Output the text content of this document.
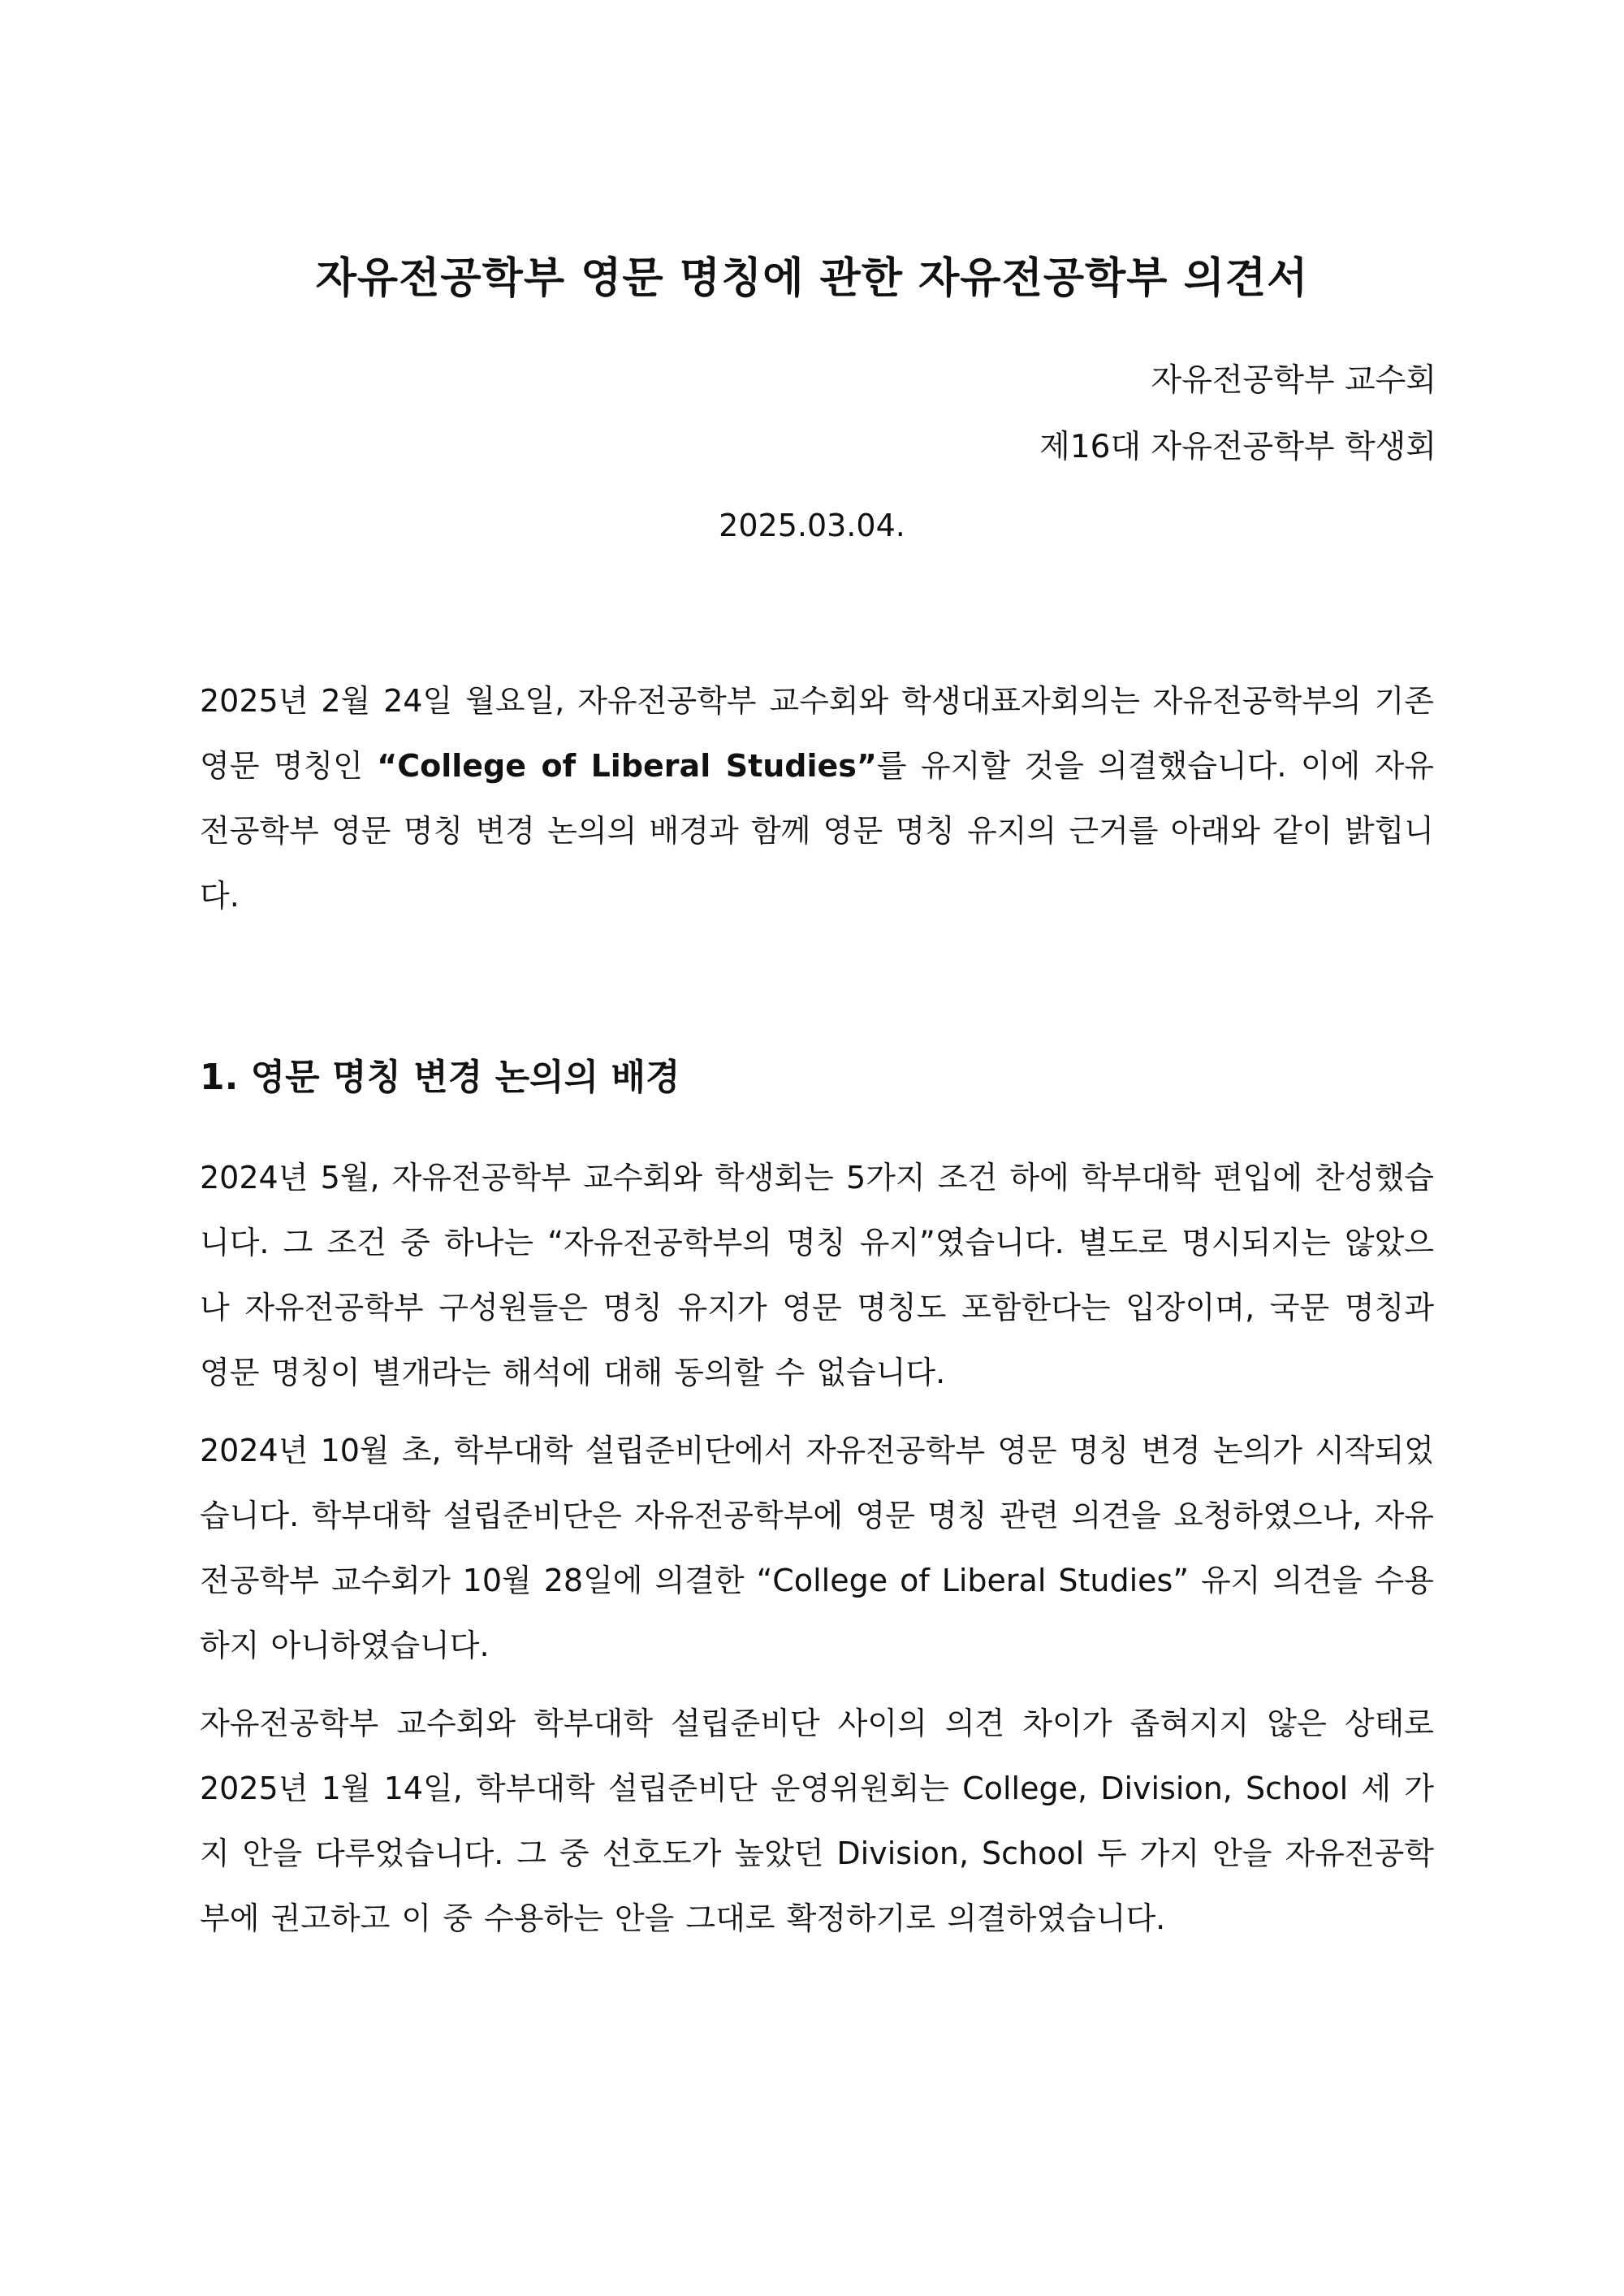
자유전공학부 영문 명칭에 관한 자유전공학부 의견서
자유전공학부 교수회
제16대 자유전공학부 학생회
2025.03.04.

2025년 2월 24일 월요일, 자유전공학부 교수회와 학생대표자회의는 자유전공학부의 기존 영문 명칭인 “College of Liberal Studies”를 유지할 것을 의결했습니다. 이에 자유전공학부 영문 명칭 변경 논의의 배경과 함께 영문 명칭 유지의 근거를 아래와 같이 밝힙니다.

1. 영문 명칭 변경 논의의 배경

2024년 5월, 자유전공학부 교수회와 학생회는 5가지 조건 하에 학부대학 편입에 찬성했습니다. 그 조건 중 하나는 “자유전공학부의 명칭 유지”였습니다. 별도로 명시되지는 않았으나 자유전공학부 구성원들은 명칭 유지가 영문 명칭도 포함한다는 입장이며, 국문 명칭과 영문 명칭이 별개라는 해석에 대해 동의할 수 없습니다.

2024년 10월 초, 학부대학 설립준비단에서 자유전공학부 영문 명칭 변경 논의가 시작되었습니다. 학부대학 설립준비단은 자유전공학부에 영문 명칭 관련 의견을 요청하였으나, 자유전공학부 교수회가 10월 28일에 의결한 “College of Liberal Studies” 유지 의견을 수용하지 아니하였습니다.

자유전공학부 교수회와 학부대학 설립준비단 사이의 의견 차이가 좁혀지지 않은 상태로 2025년 1월 14일, 학부대학 설립준비단 운영위원회는 College, Division, School 세 가지 안을 다루었습니다. 그 중 선호도가 높았던 Division, School 두 가지 안을 자유전공학부에 권고하고 이 중 수용하는 안을 그대로 확정하기로 의결하였습니다.
